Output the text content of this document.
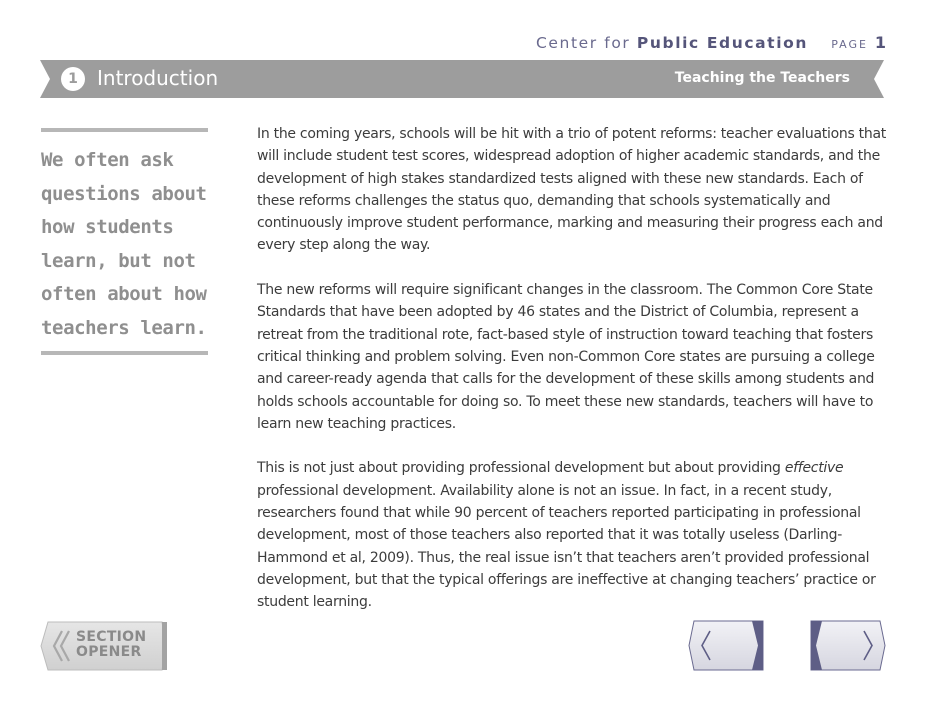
Center for Public Education PAGE 1
1 Introduction	Teaching the Teachers
We often ask questions about how students learn, but not often about how teachers learn.

In the coming years, schools will be hit with a trio of potent reforms: teacher evaluations that will include student test scores, widespread adoption of higher academic standards, and the development of high stakes standardized tests aligned with these new standards. Each of these reforms challenges the status quo, demanding that schools systematically and continuously improve student performance, marking and measuring their progress each and every step along the way.

The new reforms will require significant changes in the classroom. The Common Core State Standards that have been adopted by 46 states and the District of Columbia, represent a retreat from the traditional rote, fact-based style of instruction toward teaching that fosters critical thinking and problem solving. Even non-Common Core states are pursuing a college and career-ready agenda that calls for the development of these skills among students and holds schools accountable for doing so. To meet these new standards, teachers will have to learn new teaching practices.

This is not just about providing professional development but about providing effective professional development. Availability alone is not an issue. In fact, in a recent study, researchers found that while 90 percent of teachers reported participating in professional development, most of those teachers also reported that it was totally useless (Darling-Hammond et al, 2009). Thus, the real issue isn’t that teachers aren’t provided professional development, but that the typical offerings are ineffective at changing teachers’ practice or student learning.

SECTION
OPENER
